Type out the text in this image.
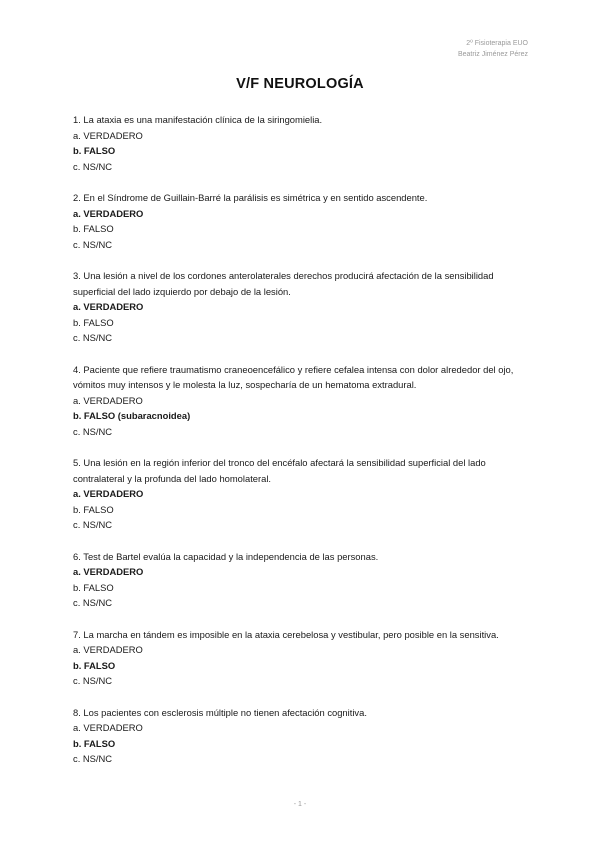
2º Fisioterapia EUO
Beatriz Jiménez Pérez
V/F NEUROLOGÍA

1. La ataxia es una manifestación clínica de la siringomielia.

a. VERDADERO

b. FALSO

c. NS/NC

2. En el Síndrome de Guillain-Barré la parálisis es simétrica y en sentido ascendente.

a. VERDADERO

b. FALSO

c. NS/NC

3. Una lesión a nivel de los cordones anterolaterales derechos producirá afectación de la sensibilidad superficial del lado izquierdo por debajo de la lesión.

a. VERDADERO

b. FALSO

c. NS/NC

4. Paciente que refiere traumatismo craneoencefálico y refiere cefalea intensa con dolor alrededor del ojo, vómitos muy intensos y le molesta la luz, sospecharía de un hematoma extradural.

a. VERDADERO

b. FALSO (subaracnoidea)

c. NS/NC

5. Una lesión en la región inferior del tronco del encéfalo afectará la sensibilidad superficial del lado contralateral y la profunda del lado homolateral.

a. VERDADERO

b. FALSO

c. NS/NC

6. Test de Bartel evalúa la capacidad y la independencia de las personas.

a. VERDADERO

b. FALSO

c. NS/NC

7. La marcha en tándem es imposible en la ataxia cerebelosa y vestibular, pero posible en la sensitiva.

a. VERDADERO

b. FALSO

c. NS/NC

8. Los pacientes con esclerosis múltiple no tienen afectación cognitiva.

a. VERDADERO

b. FALSO

c. NS/NC

- 1 -
